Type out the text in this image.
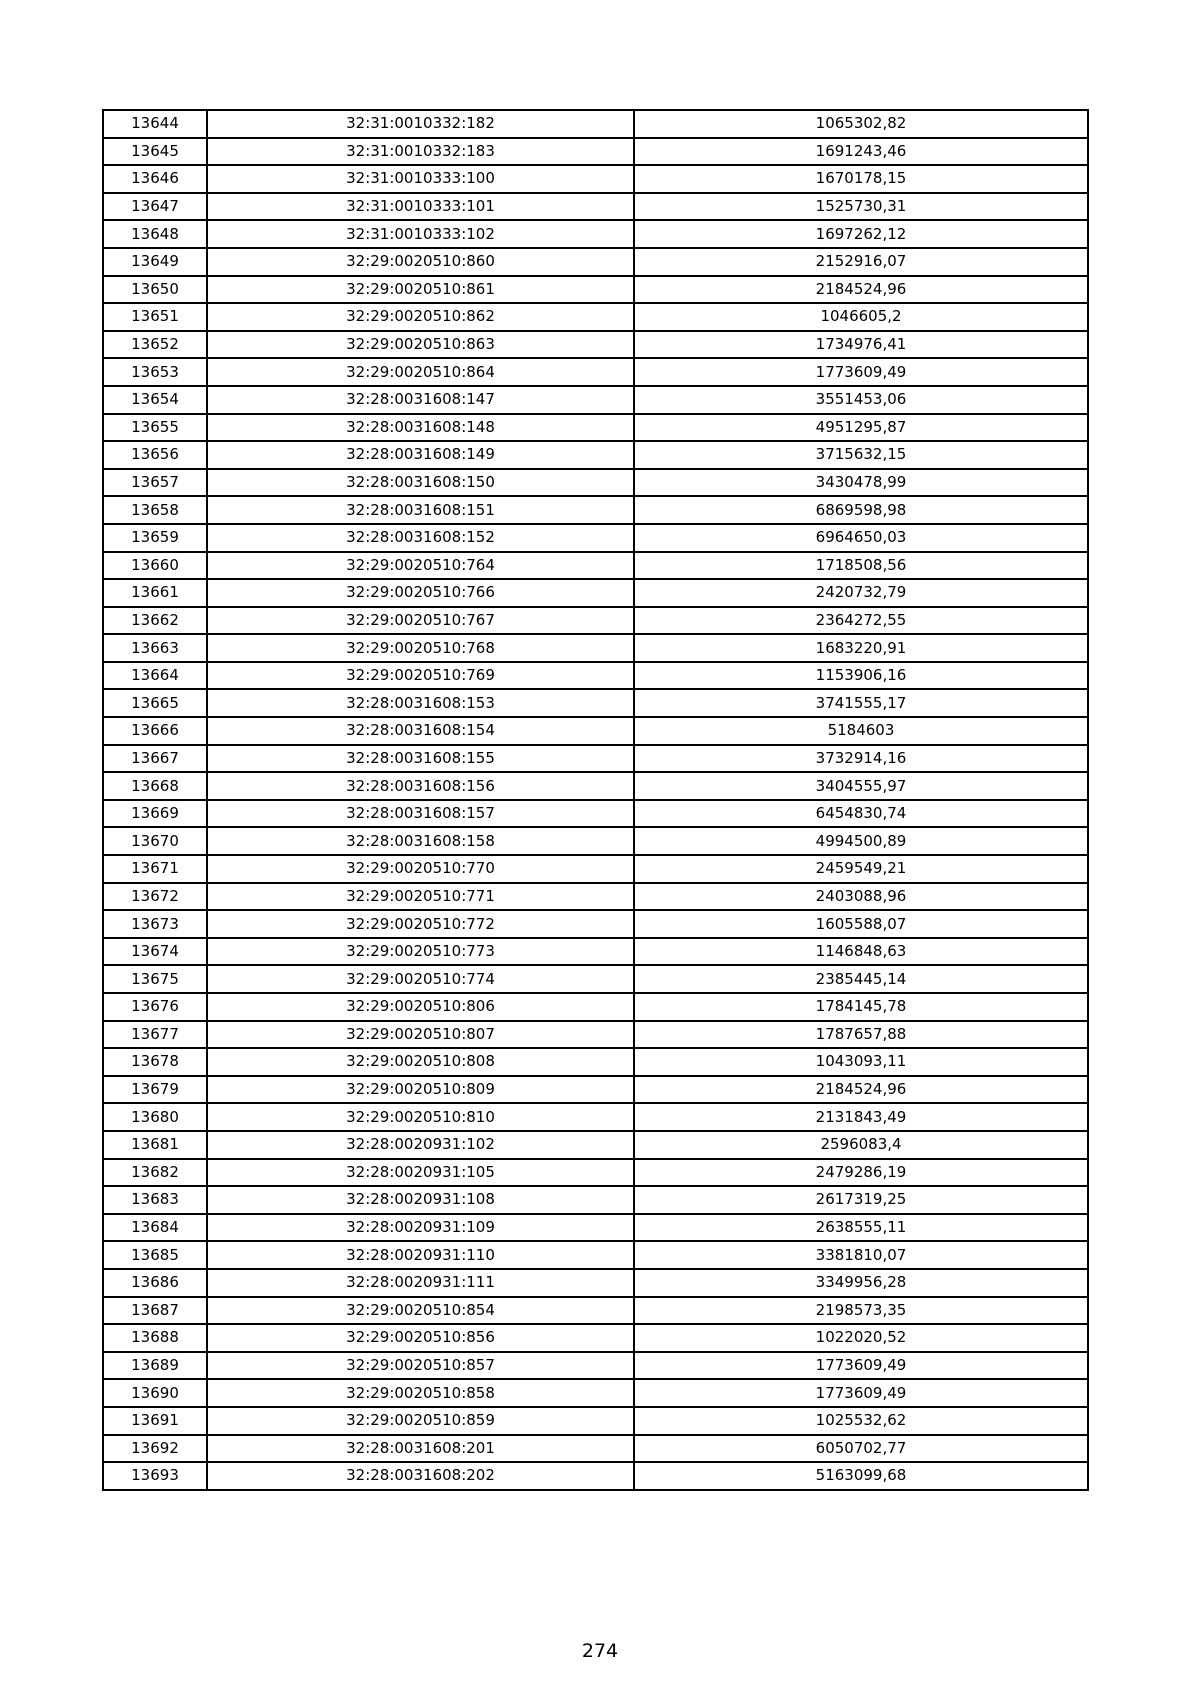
13644	32:31:0010332:182	1065302,82
13645	32:31:0010332:183	1691243,46
13646	32:31:0010333:100	1670178,15
13647	32:31:0010333:101	1525730,31
13648	32:31:0010333:102	1697262,12
13649	32:29:0020510:860	2152916,07
13650	32:29:0020510:861	2184524,96
13651	32:29:0020510:862	1046605,2
13652	32:29:0020510:863	1734976,41
13653	32:29:0020510:864	1773609,49
13654	32:28:0031608:147	3551453,06
13655	32:28:0031608:148	4951295,87
13656	32:28:0031608:149	3715632,15
13657	32:28:0031608:150	3430478,99
13658	32:28:0031608:151	6869598,98
13659	32:28:0031608:152	6964650,03
13660	32:29:0020510:764	1718508,56
13661	32:29:0020510:766	2420732,79
13662	32:29:0020510:767	2364272,55
13663	32:29:0020510:768	1683220,91
13664	32:29:0020510:769	1153906,16
13665	32:28:0031608:153	3741555,17
13666	32:28:0031608:154	5184603
13667	32:28:0031608:155	3732914,16
13668	32:28:0031608:156	3404555,97
13669	32:28:0031608:157	6454830,74
13670	32:28:0031608:158	4994500,89
13671	32:29:0020510:770	2459549,21
13672	32:29:0020510:771	2403088,96
13673	32:29:0020510:772	1605588,07
13674	32:29:0020510:773	1146848,63
13675	32:29:0020510:774	2385445,14
13676	32:29:0020510:806	1784145,78
13677	32:29:0020510:807	1787657,88
13678	32:29:0020510:808	1043093,11
13679	32:29:0020510:809	2184524,96
13680	32:29:0020510:810	2131843,49
13681	32:28:0020931:102	2596083,4
13682	32:28:0020931:105	2479286,19
13683	32:28:0020931:108	2617319,25
13684	32:28:0020931:109	2638555,11
13685	32:28:0020931:110	3381810,07
13686	32:28:0020931:111	3349956,28
13687	32:29:0020510:854	2198573,35
13688	32:29:0020510:856	1022020,52
13689	32:29:0020510:857	1773609,49
13690	32:29:0020510:858	1773609,49
13691	32:29:0020510:859	1025532,62
13692	32:28:0031608:201	6050702,77
13693	32:28:0031608:202	5163099,68
274
